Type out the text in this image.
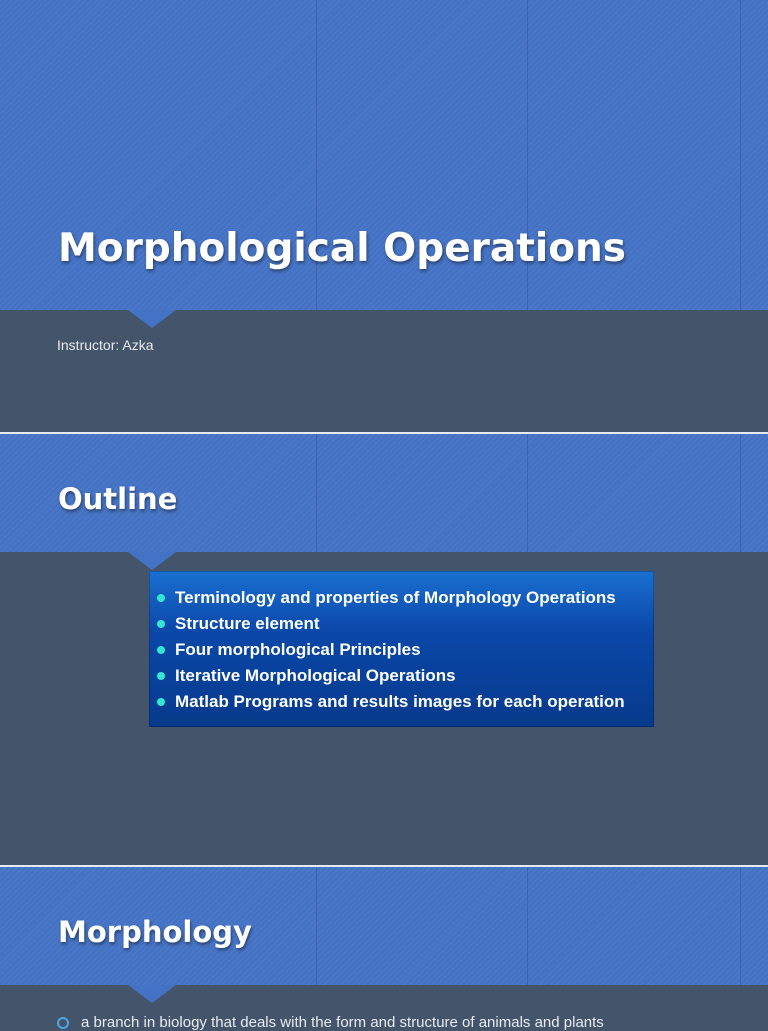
Morphological Operations
Instructor: Azka
Outline
Terminology and properties of Morphology Operations
Structure element
Four morphological Principles
Iterative Morphological Operations
Matlab Programs and results images for each operation
Morphology
a branch in biology that deals with the form and structure of animals and plants
